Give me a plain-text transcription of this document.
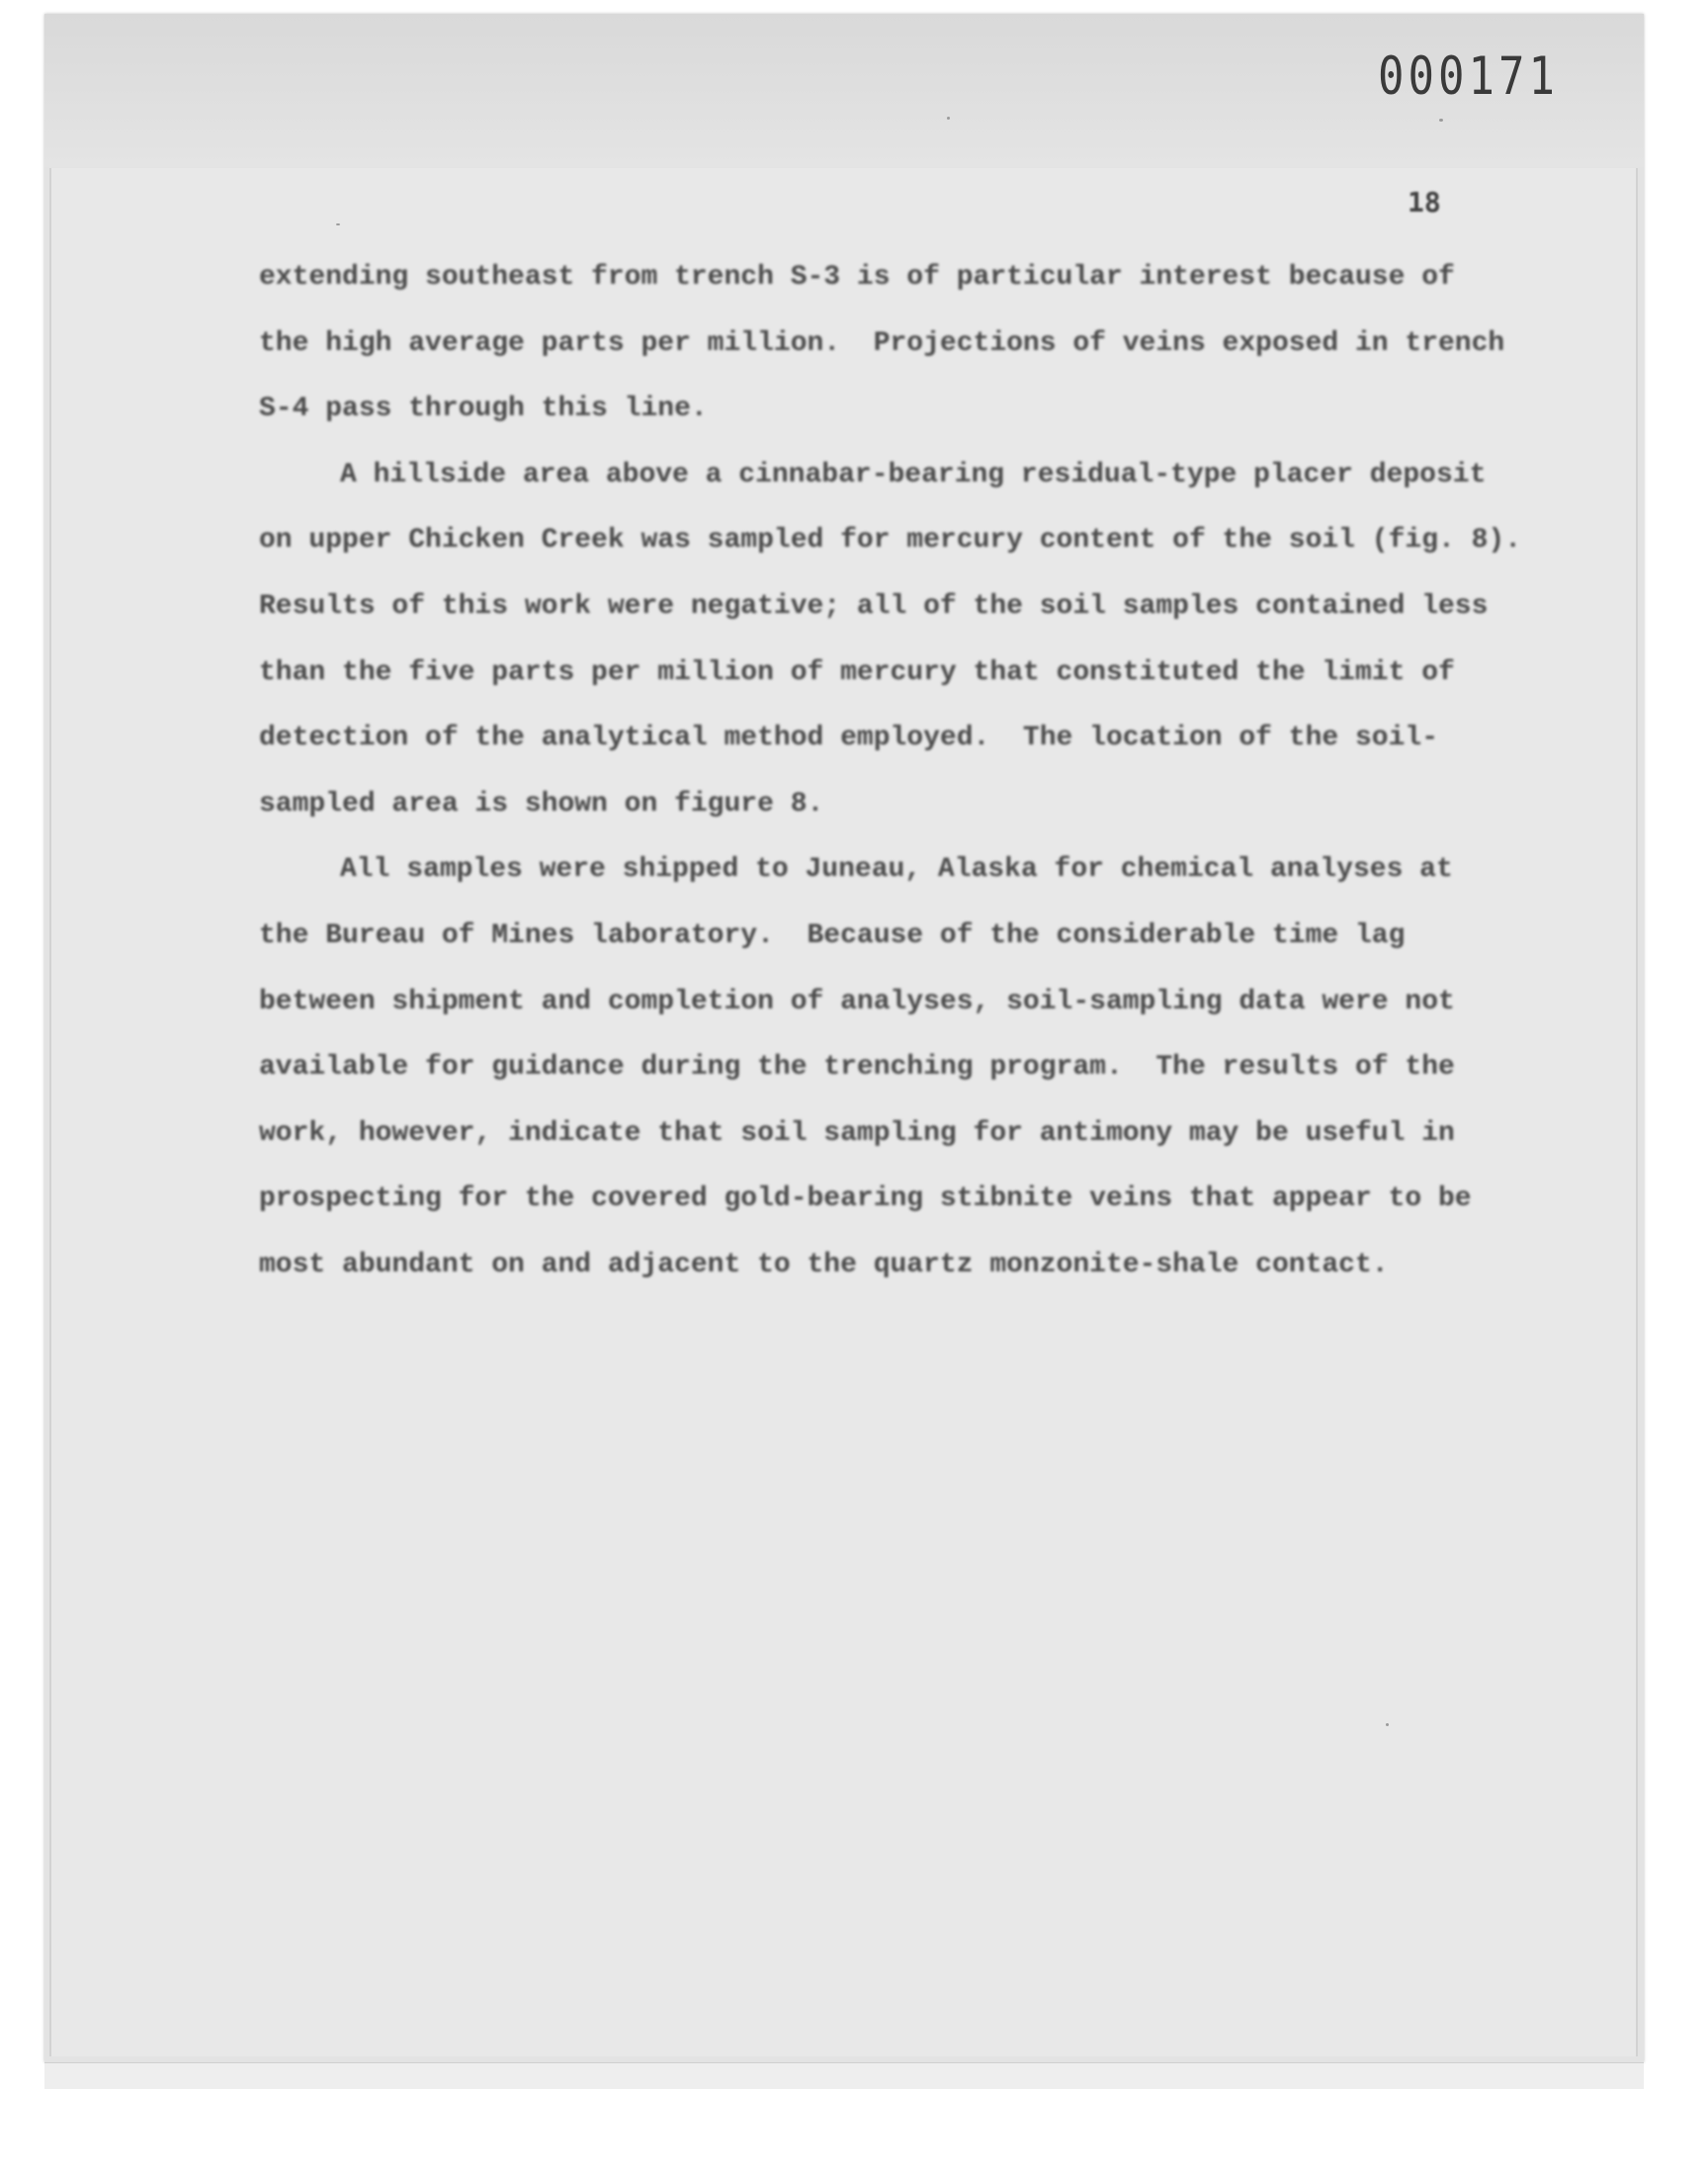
000171
18
extending southeast from trench S-3 is of particular interest because of
the high average parts per million.  Projections of veins exposed in trench
S-4 pass through this line.
A hillside area above a cinnabar-bearing residual-type placer deposit
on upper Chicken Creek was sampled for mercury content of the soil (fig. 8).
Results of this work were negative; all of the soil samples contained less
than the five parts per million of mercury that constituted the limit of
detection of the analytical method employed.  The location of the soil-
sampled area is shown on figure 8.
All samples were shipped to Juneau, Alaska for chemical analyses at
the Bureau of Mines laboratory.  Because of the considerable time lag
between shipment and completion of analyses, soil-sampling data were not
available for guidance during the trenching program.  The results of the
work, however, indicate that soil sampling for antimony may be useful in
prospecting for the covered gold-bearing stibnite veins that appear to be
most abundant on and adjacent to the quartz monzonite-shale contact.
